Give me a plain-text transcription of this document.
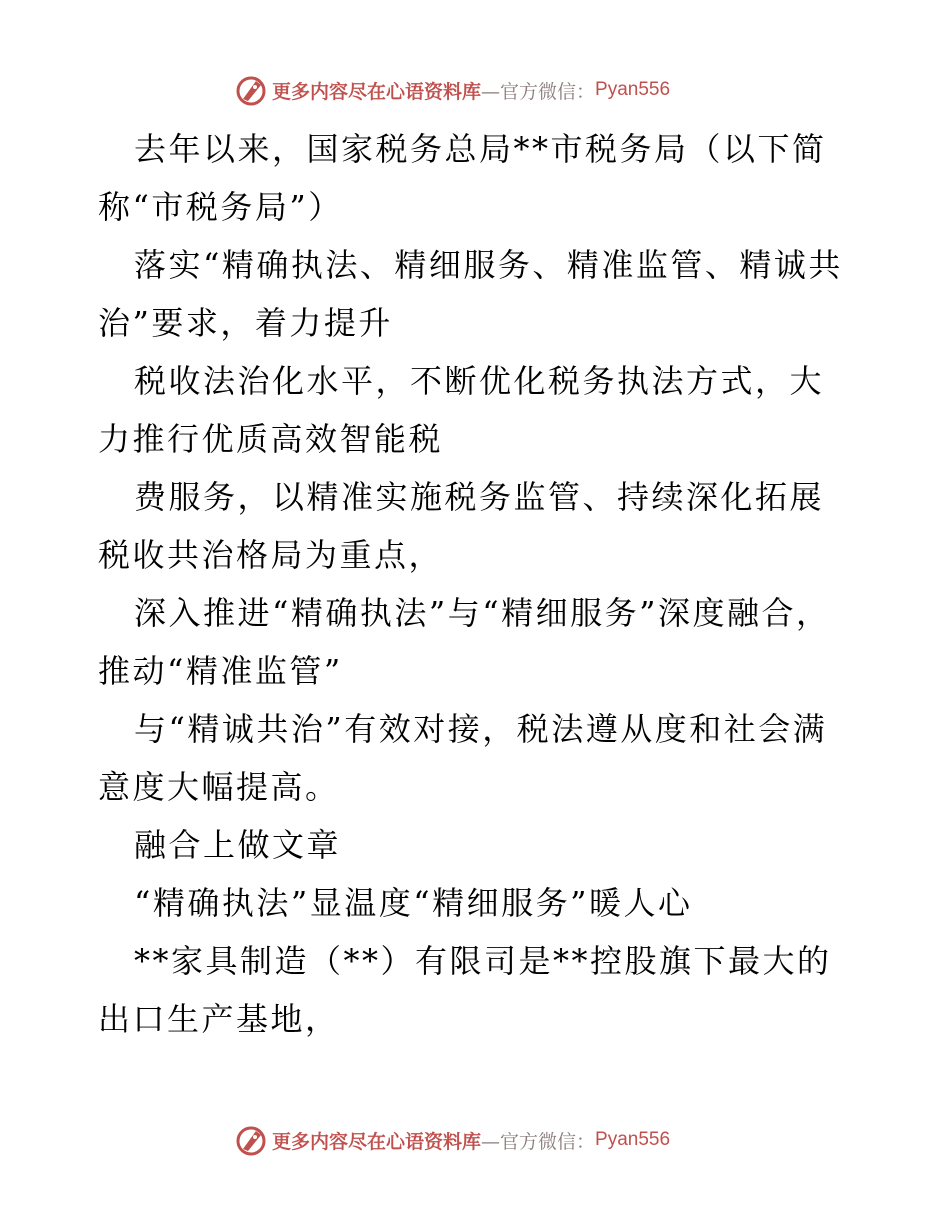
更多内容尽在心语资料库 —官方微信： Pyan556

去年以来，国家税务总局**市税务局（以下简称“市税务局”）

落实“精确执法、精细服务、精准监管、精诚共治”要求，着力提升

税收法治化水平，不断优化税务执法方式，大力推行优质高效智能税

费服务，以精准实施税务监管、持续深化拓展税收共治格局为重点，

深入推进“精确执法”与“精细服务”深度融合，推动“精准监管”

与“精诚共治”有效对接，税法遵从度和社会满意度大幅提高。

融合上做文章

“精确执法”显温度“精细服务”暖人心

**家具制造（**）有限司是**控股旗下最大的出口生产基地，

更多内容尽在心语资料库 —官方微信： Pyan556
